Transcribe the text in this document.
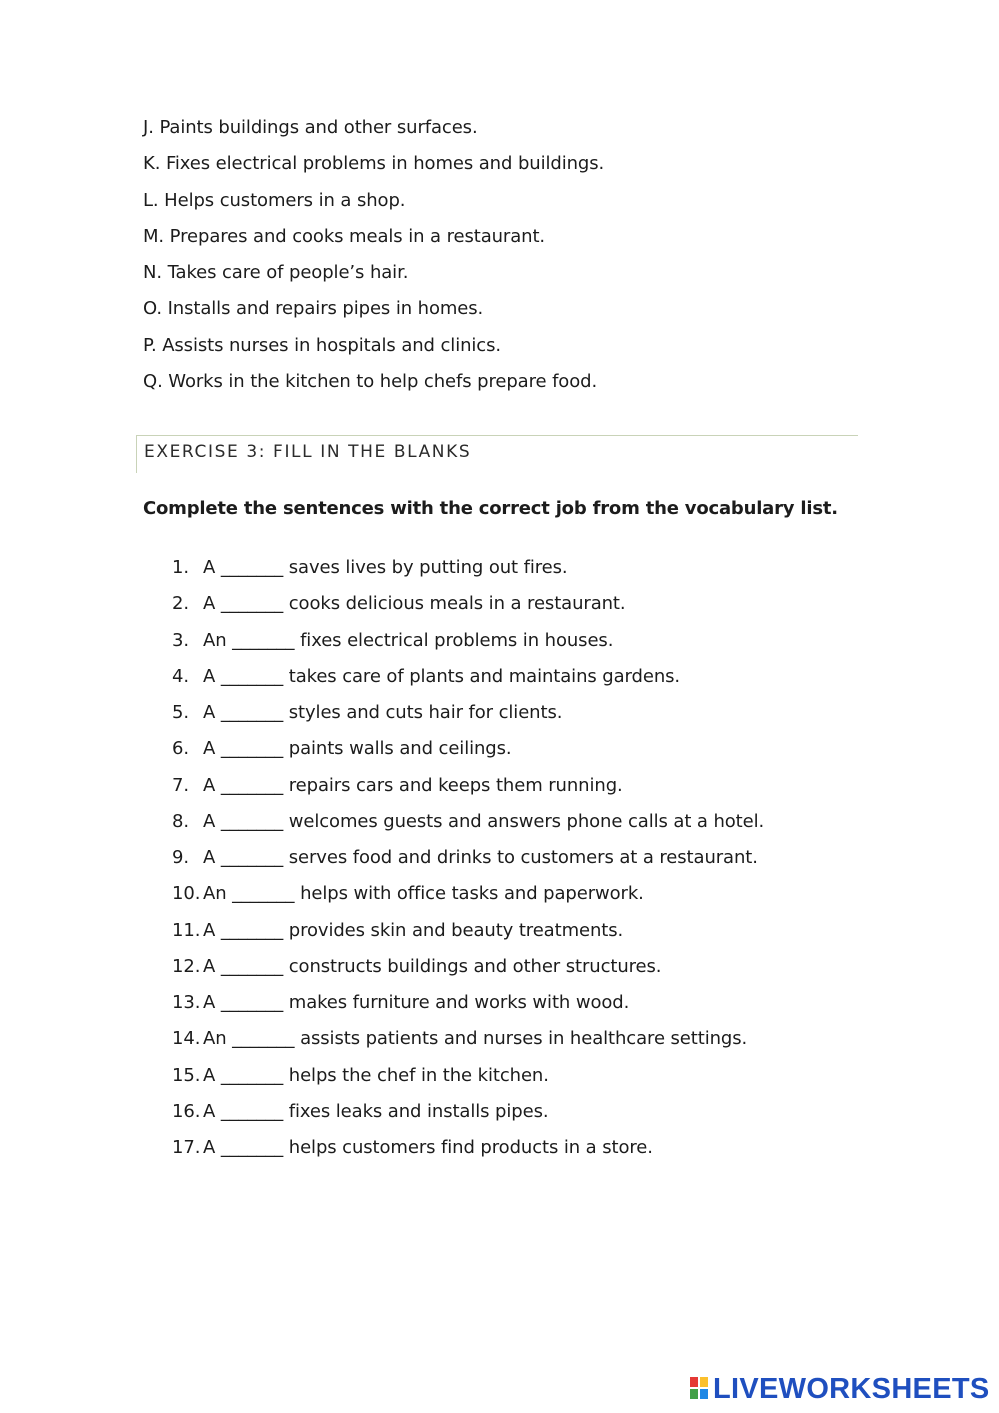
J. Paints buildings and other surfaces.
K. Fixes electrical problems in homes and buildings.
L. Helps customers in a shop.
M. Prepares and cooks meals in a restaurant.
N. Takes care of people’s hair.
O. Installs and repairs pipes in homes.
P. Assists nurses in hospitals and clinics.
Q. Works in the kitchen to help chefs prepare food.
EXERCISE 3: FILL IN THE BLANKS
Complete the sentences with the correct job from the vocabulary list.
1. A _______ saves lives by putting out fires.
2. A _______ cooks delicious meals in a restaurant.
3. An _______ fixes electrical problems in houses.
4. A _______ takes care of plants and maintains gardens.
5. A _______ styles and cuts hair for clients.
6. A _______ paints walls and ceilings.
7. A _______ repairs cars and keeps them running.
8. A _______ welcomes guests and answers phone calls at a hotel.
9. A _______ serves food and drinks to customers at a restaurant.
10. An _______ helps with office tasks and paperwork.
11. A _______ provides skin and beauty treatments.
12. A _______ constructs buildings and other structures.
13. A _______ makes furniture and works with wood.
14. An _______ assists patients and nurses in healthcare settings.
15. A _______ helps the chef in the kitchen.
16. A _______ fixes leaks and installs pipes.
17. A _______ helps customers find products in a store.
LIVEWORKSHEETS
